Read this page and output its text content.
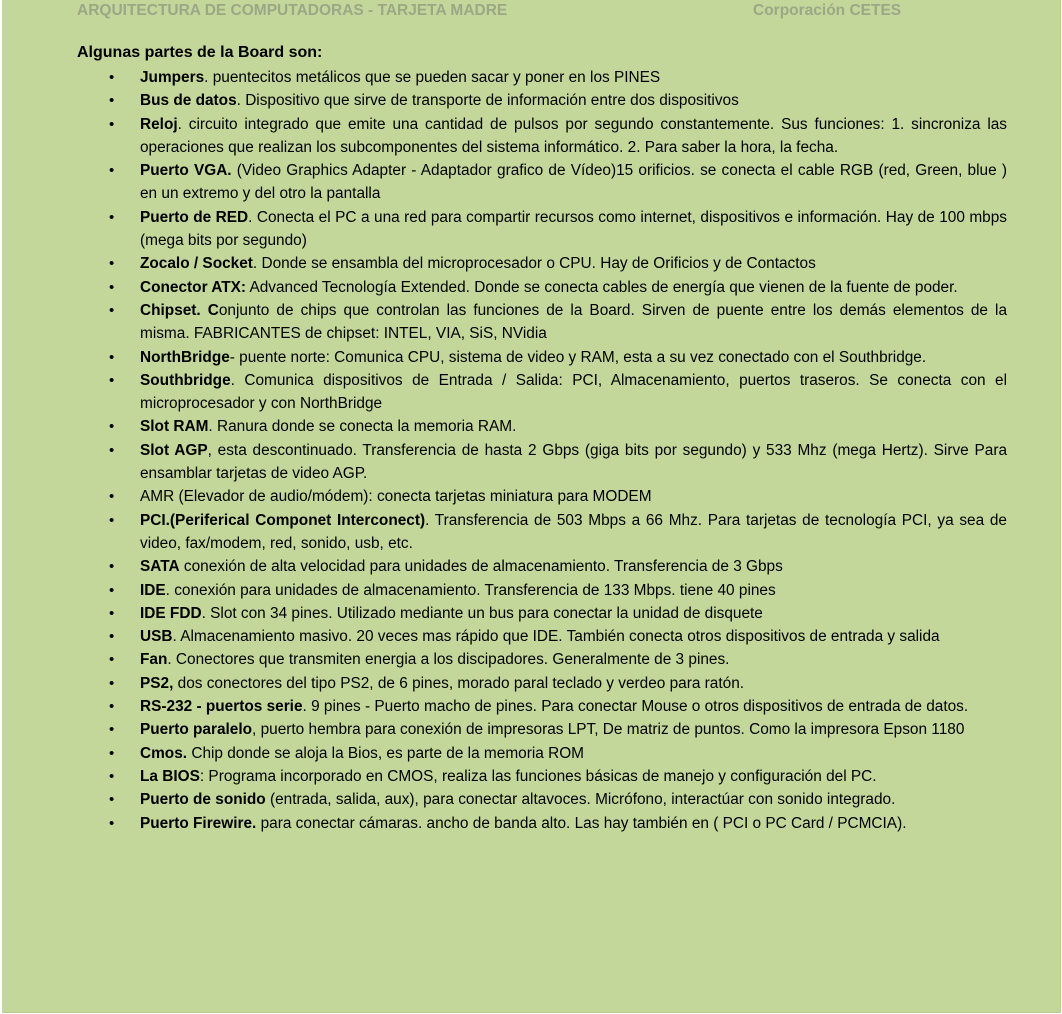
ARQUITECTURA DE COMPUTADORAS - TARJETA MADRE	Corporación CETES
Algunas partes de la Board son:
• Jumpers. puentecitos metálicos que se pueden sacar y poner en los PINES
• Bus de datos. Dispositivo que sirve de transporte de información entre dos dispositivos
• Reloj. circuito integrado que emite una cantidad de pulsos por segundo constantemente. Sus funciones: 1. sincroniza las operaciones que realizan los subcomponentes del sistema informático. 2. Para saber la hora, la fecha.
• Puerto VGA. (Video Graphics Adapter - Adaptador grafico de Vídeo)15 orificios. se conecta el cable RGB (red, Green, blue ) en un extremo y del otro la pantalla
• Puerto de RED. Conecta el PC a una red para compartir recursos como internet, dispositivos e información. Hay de 100 mbps (mega bits por segundo)
• Zocalo / Socket. Donde se ensambla del microprocesador o CPU. Hay de Orificios y de Contactos
• Conector ATX: Advanced Tecnología Extended. Donde se conecta cables de energía que vienen de la fuente de poder.
• Chipset. Conjunto de chips que controlan las funciones de la Board. Sirven de puente entre los demás elementos de la misma. FABRICANTES de chipset: INTEL, VIA, SiS, NVidia
• NorthBridge- puente norte: Comunica CPU, sistema de video y RAM, esta a su vez conectado con el Southbridge.
• Southbridge. Comunica dispositivos de Entrada / Salida: PCI, Almacenamiento, puertos traseros. Se conecta con el microprocesador y con NorthBridge
• Slot RAM. Ranura donde se conecta la memoria RAM.
• Slot AGP, esta descontinuado. Transferencia de hasta 2 Gbps (giga bits por segundo) y 533 Mhz (mega Hertz). Sirve Para ensamblar tarjetas de video AGP.
• AMR (Elevador de audio/módem): conecta tarjetas miniatura para MODEM
• PCI.(Periferical Componet Interconect). Transferencia de 503 Mbps a 66 Mhz. Para tarjetas de tecnología PCI, ya sea de video, fax/modem, red, sonido, usb, etc.
• SATA conexión de alta velocidad para unidades de almacenamiento. Transferencia de 3 Gbps
• IDE. conexión para unidades de almacenamiento. Transferencia de 133 Mbps. tiene 40 pines
• IDE FDD. Slot con 34 pines. Utilizado mediante un bus para conectar la unidad de disquete
• USB. Almacenamiento masivo. 20 veces mas rápido que IDE. También conecta otros dispositivos de entrada y salida
• Fan. Conectores que transmiten energia a los discipadores. Generalmente de 3 pines.
• PS2, dos conectores del tipo PS2, de 6 pines, morado paral teclado y verdeo para ratón.
• RS-232 - puertos serie. 9 pines - Puerto macho de pines. Para conectar Mouse o otros dispositivos de entrada de datos.
• Puerto paralelo, puerto hembra para conexión de impresoras LPT, De matriz de puntos. Como la impresora Epson 1180
• Cmos. Chip donde se aloja la Bios, es parte de la memoria ROM
• La BIOS: Programa incorporado en CMOS, realiza las funciones básicas de manejo y configuración del PC.
• Puerto de sonido (entrada, salida, aux), para conectar altavoces. Micrófono, interactúar con sonido integrado.
• Puerto Firewire. para conectar cámaras. ancho de banda alto. Las hay también en ( PCI o PC Card / PCMCIA).
